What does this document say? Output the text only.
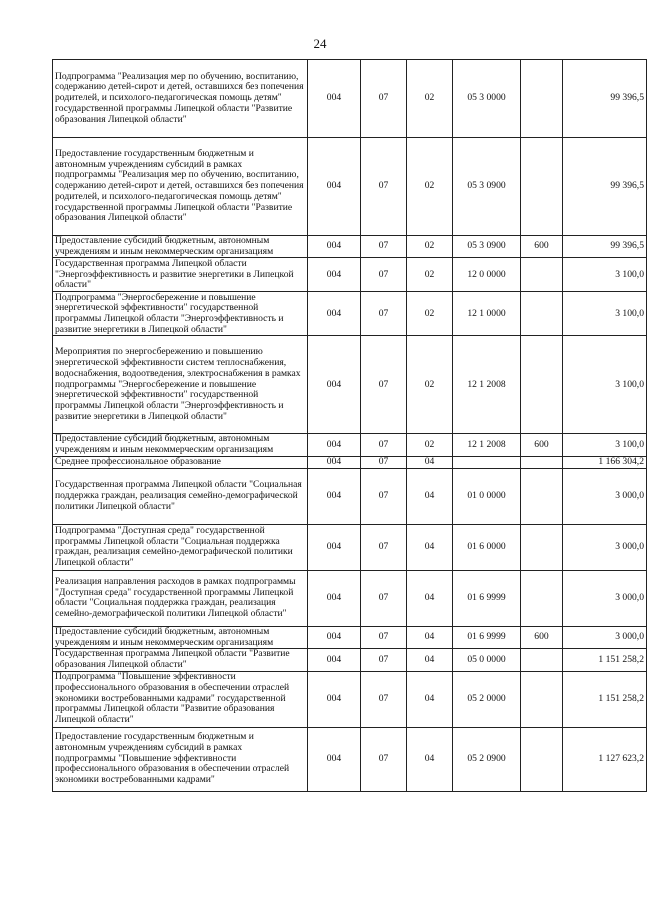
24
Подпрограмма "Реализация мер по обучению, воспитанию, содержанию детей-сирот и детей, оставшихся без попечения родителей, и психолого-педагогическая помощь детям" государственной программы Липецкой области "Развитие образования Липецкой области"	004	07	02	05 3 0000		99 396,5
Предоставление государственным бюджетным и автономным учреждениям субсидий в рамках подпрограммы "Реализация мер по обучению, воспитанию, содержанию детей-сирот и детей, оставшихся без попечения родителей, и психолого-педагогическая помощь детям" государственной программы Липецкой области "Развитие образования Липецкой области"	004	07	02	05 3 0900		99 396,5
Предоставление субсидий бюджетным, автономным учреждениям и иным некоммерческим организациям	004	07	02	05 3 0900	600	99 396,5
Государственная программа Липецкой области "Энергоэффективность и развитие энергетики в Липецкой области"	004	07	02	12 0 0000		3 100,0
Подпрограмма "Энергосбережение и повышение энергетической эффективности" государственной программы Липецкой области "Энергоэффективность и развитие энергетики в Липецкой области"	004	07	02	12 1 0000		3 100,0
Мероприятия по энергосбережению и повышению энергетической эффективности систем теплоснабжения, водоснабжения, водоотведения, электроснабжения в рамках подпрограммы "Энергосбережение и повышение энергетической эффективности" государственной программы Липецкой области "Энергоэффективность и развитие энергетики в Липецкой области"	004	07	02	12 1 2008		3 100,0
Предоставление субсидий бюджетным, автономным учреждениям и иным некоммерческим организациям	004	07	02	12 1 2008	600	3 100,0
Среднее профессиональное образование	004	07	04			1 166 304,2
Государственная программа Липецкой области "Социальная поддержка граждан, реализация семейно-демографической политики Липецкой области"	004	07	04	01 0 0000		3 000,0
Подпрограмма "Доступная среда" государственной программы Липецкой области "Социальная поддержка граждан, реализация семейно-демографической политики Липецкой области"	004	07	04	01 6 0000		3 000,0
Реализация направления расходов в рамках подпрограммы "Доступная среда" государственной программы Липецкой области "Социальная поддержка граждан, реализация семейно-демографической политики Липецкой области"	004	07	04	01 6 9999		3 000,0
Предоставление субсидий бюджетным, автономным учреждениям и иным некоммерческим организациям	004	07	04	01 6 9999	600	3 000,0
Государственная программа Липецкой области "Развитие образования Липецкой области"	004	07	04	05 0 0000		1 151 258,2
Подпрограмма "Повышение эффективности профессионального образования в обеспечении отраслей экономики востребованными кадрами" государственной программы Липецкой области "Развитие образования Липецкой области"	004	07	04	05 2 0000		1 151 258,2
Предоставление государственным бюджетным и автономным учреждениям субсидий в рамках подпрограммы "Повышение эффективности профессионального образования в обеспечении отраслей экономики востребованными кадрами"	004	07	04	05 2 0900		1 127 623,2
